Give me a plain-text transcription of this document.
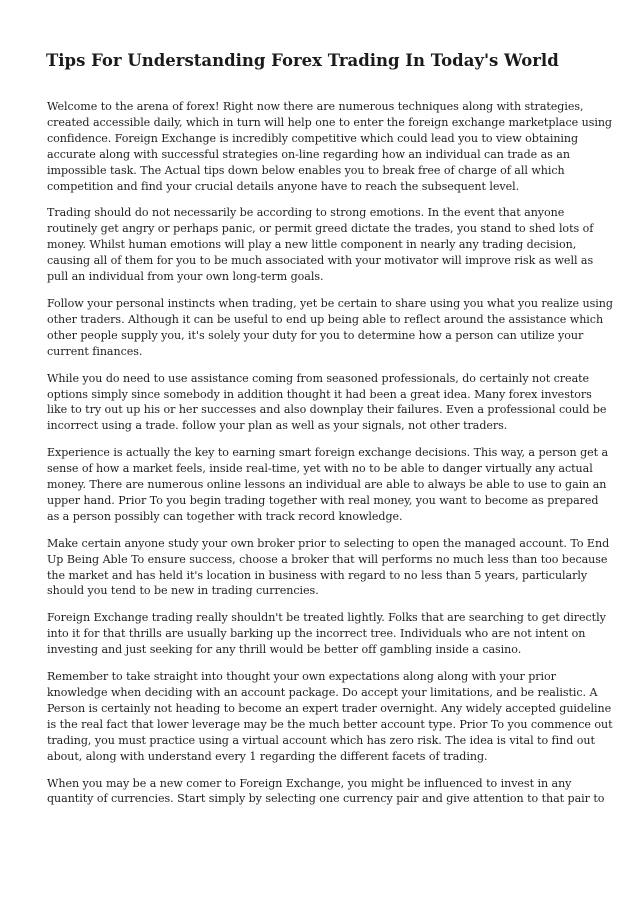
Tips For Understanding Forex Trading In Today's World

Welcome to the arena of forex! Right now there are numerous techniques along with strategies,
created accessible daily, which in turn will help one to enter the foreign exchange marketplace using
confidence. Foreign Exchange is incredibly competitive which could lead you to view obtaining
accurate along with successful strategies on-line regarding how an individual can trade as an
impossible task. The Actual tips down below enables you to break free of charge of all which
competition and find your crucial details anyone have to reach the subsequent level.

Trading should do not necessarily be according to strong emotions. In the event that anyone
routinely get angry or perhaps panic, or permit greed dictate the trades, you stand to shed lots of
money. Whilst human emotions will play a new little component in nearly any trading decision,
causing all of them for you to be much associated with your motivator will improve risk as well as
pull an individual from your own long-term goals.

Follow your personal instincts when trading, yet be certain to share using you what you realize using
other traders. Although it can be useful to end up being able to reflect around the assistance which
other people supply you, it's solely your duty for you to determine how a person can utilize your
current finances.

While you do need to use assistance coming from seasoned professionals, do certainly not create
options simply since somebody in addition thought it had been a great idea. Many forex investors
like to try out up his or her successes and also downplay their failures. Even a professional could be
incorrect using a trade. follow your plan as well as your signals, not other traders.

Experience is actually the key to earning smart foreign exchange decisions. This way, a person get a
sense of how a market feels, inside real-time, yet with no to be able to danger virtually any actual
money. There are numerous online lessons an individual are able to always be able to use to gain an
upper hand. Prior To you begin trading together with real money, you want to become as prepared
as a person possibly can together with track record knowledge.

Make certain anyone study your own broker prior to selecting to open the managed account. To End
Up Being Able To ensure success, choose a broker that will performs no much less than too because
the market and has held it's location in business with regard to no less than 5 years, particularly
should you tend to be new in trading currencies.

Foreign Exchange trading really shouldn't be treated lightly. Folks that are searching to get directly
into it for that thrills are usually barking up the incorrect tree. Individuals who are not intent on
investing and just seeking for any thrill would be better off gambling inside a casino.

Remember to take straight into thought your own expectations along along with your prior
knowledge when deciding with an account package. Do accept your limitations, and be realistic. A
Person is certainly not heading to become an expert trader overnight. Any widely accepted guideline
is the real fact that lower leverage may be the much better account type. Prior To you commence out
trading, you must practice using a virtual account which has zero risk. The idea is vital to find out
about, along with understand every 1 regarding the different facets of trading.

When you may be a new comer to Foreign Exchange, you might be influenced to invest in any
quantity of currencies. Start simply by selecting one currency pair and give attention to that pair to
